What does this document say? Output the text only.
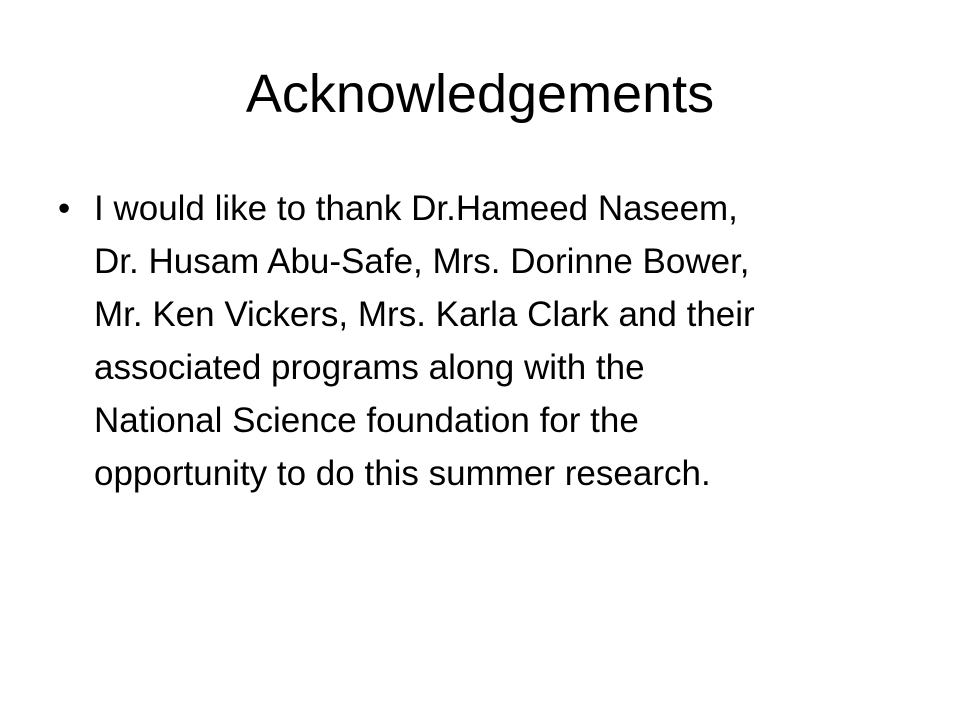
Acknowledgements
• I would like to thank Dr.Hameed Naseem,
Dr. Husam Abu-Safe, Mrs. Dorinne Bower,
Mr. Ken Vickers, Mrs. Karla Clark and their
associated programs along with the
National Science foundation for the
opportunity to do this summer research.
